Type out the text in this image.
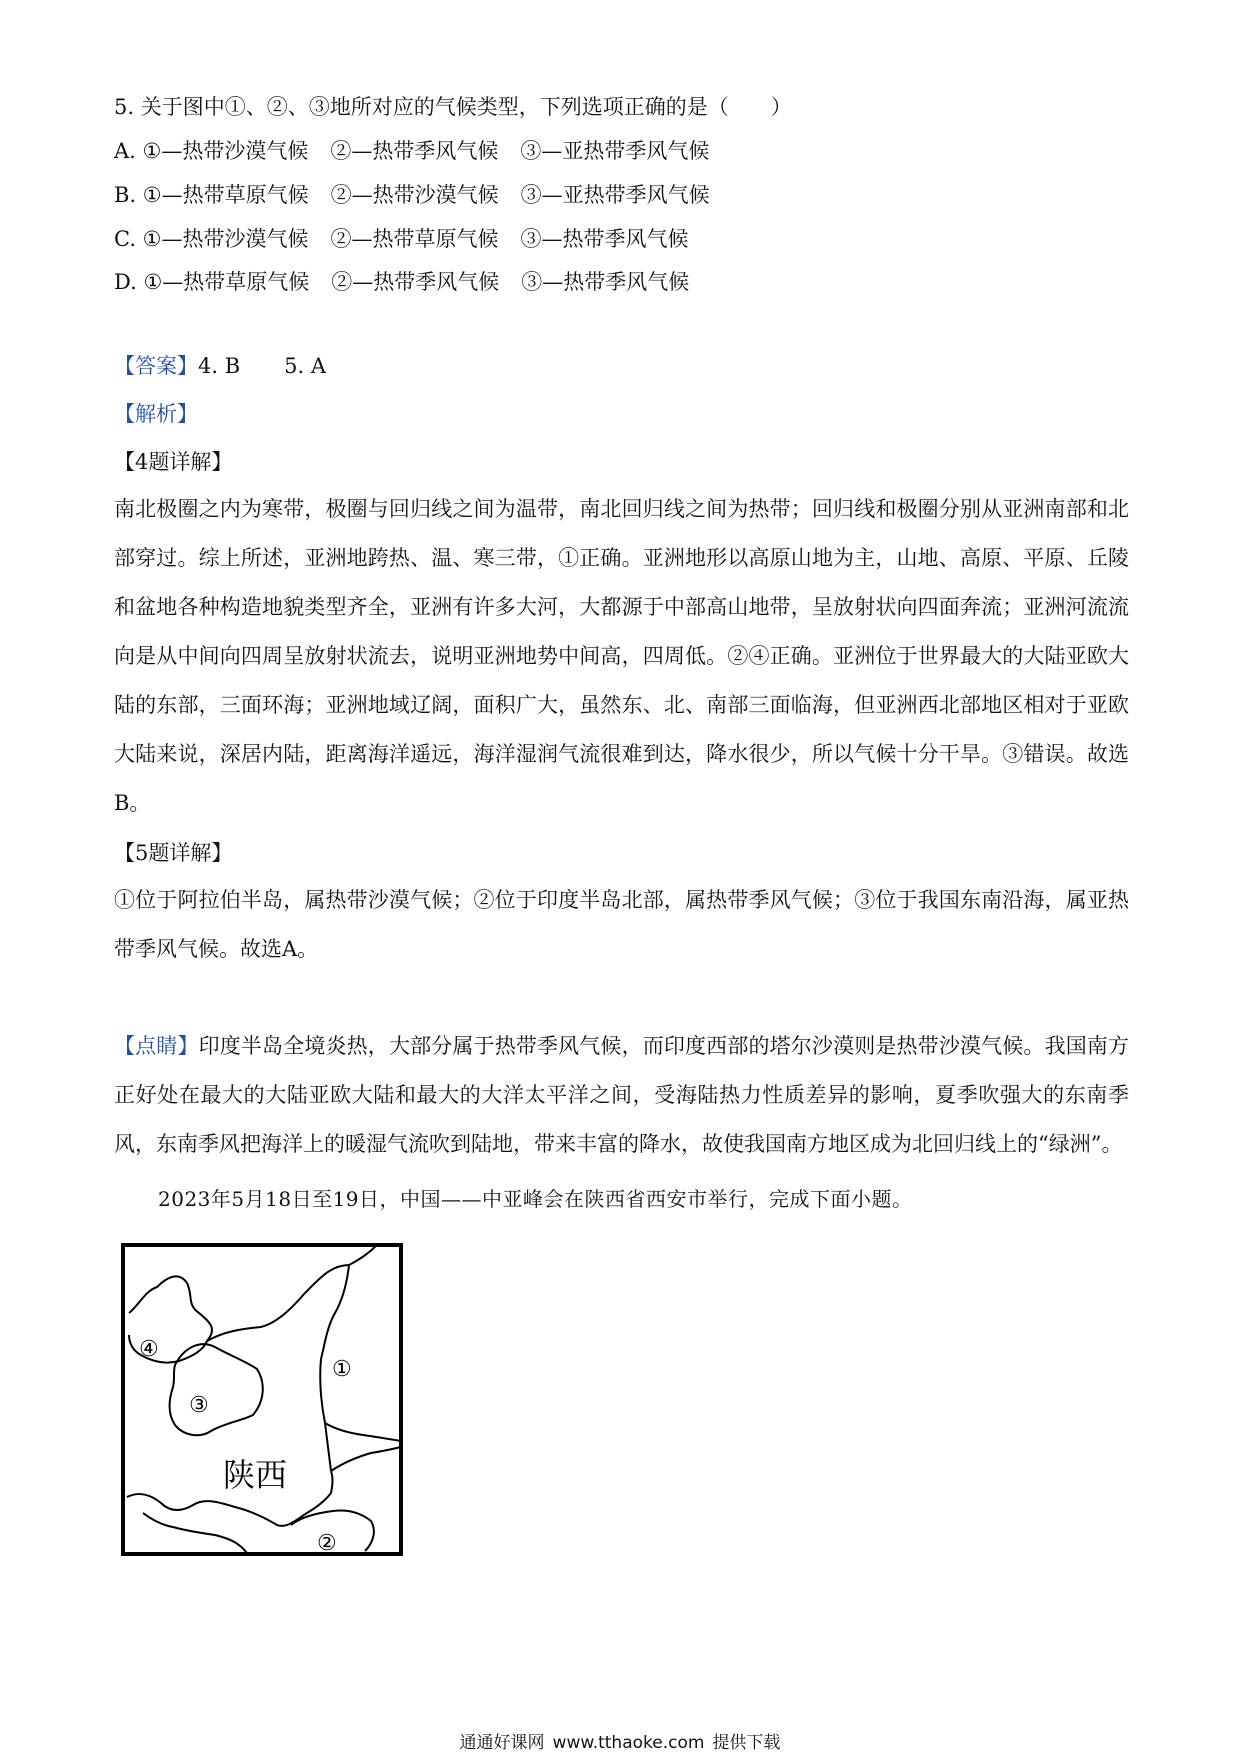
5. 关于图中①、②、③地所对应的气候类型，下列选项正确的是（　　）
A. ①—热带沙漠气候 ②—热带季风气候 ③—亚热带季风气候
B. ①—热带草原气候 ②—热带沙漠气候 ③—亚热带季风气候
C. ①—热带沙漠气候 ②—热带草原气候 ③—热带季风气候
D. ①—热带草原气候 ②—热带季风气候 ③—热带季风气候
【答案】4. B 5. A
【解析】
【4题详解】
南北极圈之内为寒带，极圈与回归线之间为温带，南北回归线之间为热带；回归线和极圈分别从亚洲南部和北部穿过。综上所述，亚洲地跨热、温、寒三带，①正确。亚洲地形以高原山地为主，山地、高原、平原、丘陵和盆地各种构造地貌类型齐全，亚洲有许多大河，大都源于中部高山地带，呈放射状向四面奔流；亚洲河流流向是从中间向四周呈放射状流去，说明亚洲地势中间高，四周低。②④正确。亚洲位于世界最大的大陆亚欧大陆的东部，三面环海；亚洲地域辽阔，面积广大，虽然东、北、南部三面临海，但亚洲西北部地区相对于亚欧大陆来说，深居内陆，距离海洋遥远，海洋湿润气流很难到达，降水很少，所以气候十分干旱。③错误。故选B。
【5题详解】
①位于阿拉伯半岛，属热带沙漠气候；②位于印度半岛北部，属热带季风气候；③位于我国东南沿海，属亚热带季风气候。故选A。
【点睛】印度半岛全境炎热，大部分属于热带季风气候，而印度西部的塔尔沙漠则是热带沙漠气候。我国南方正好处在最大的大陆亚欧大陆和最大的大洋太平洋之间，受海陆热力性质差异的影响，夏季吹强大的东南季风，东南季风把海洋上的暖湿气流吹到陆地，带来丰富的降水，故使我国南方地区成为北回归线上的“绿洲”。
2023年5月18日至19日，中国——中亚峰会在陕西省西安市举行，完成下面小题。
④
③
①
②
陕西
通通好课网 www.tthaoke.com 提供下载
